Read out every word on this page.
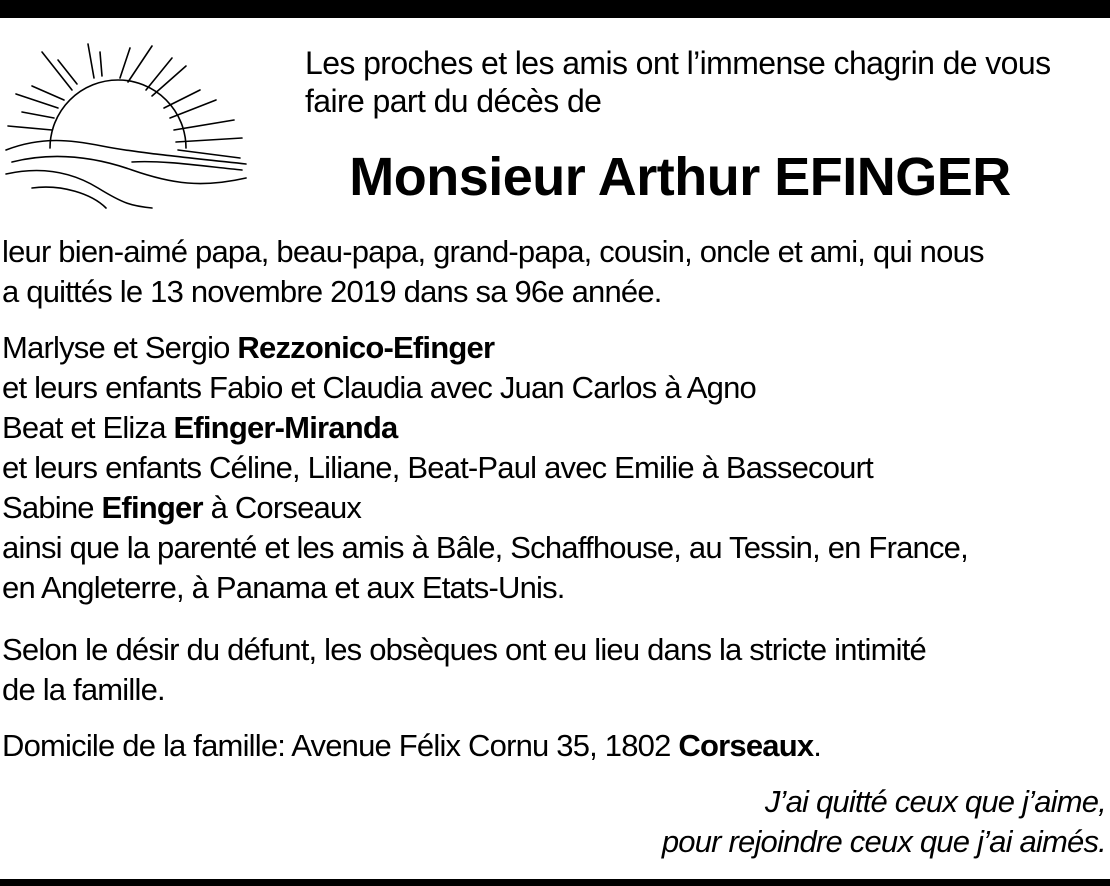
Les proches et les amis ont l’immense chagrin de vous
faire part du décès de
Monsieur Arthur EFINGER

leur bien-aimé papa, beau-papa, grand-papa, cousin, oncle et ami, qui nous

a quittés le 13 novembre 2019 dans sa 96e année.

Marlyse et Sergio Rezzonico-Efinger

et leurs enfants Fabio et Claudia avec Juan Carlos à Agno

Beat et Eliza Efinger-Miranda

et leurs enfants Céline, Liliane, Beat-Paul avec Emilie à Bassecourt

Sabine Efinger à Corseaux

ainsi que la parenté et les amis à Bâle, Schaffhouse, au Tessin, en France,

en Angleterre, à Panama et aux Etats-Unis.

Selon le désir du défunt, les obsèques ont eu lieu dans la stricte intimité

de la famille.

Domicile de la famille: Avenue Félix Cornu 35, 1802 Corseaux.

J’ai quitté ceux que j’aime,
pour rejoindre ceux que j’ai aimés.
